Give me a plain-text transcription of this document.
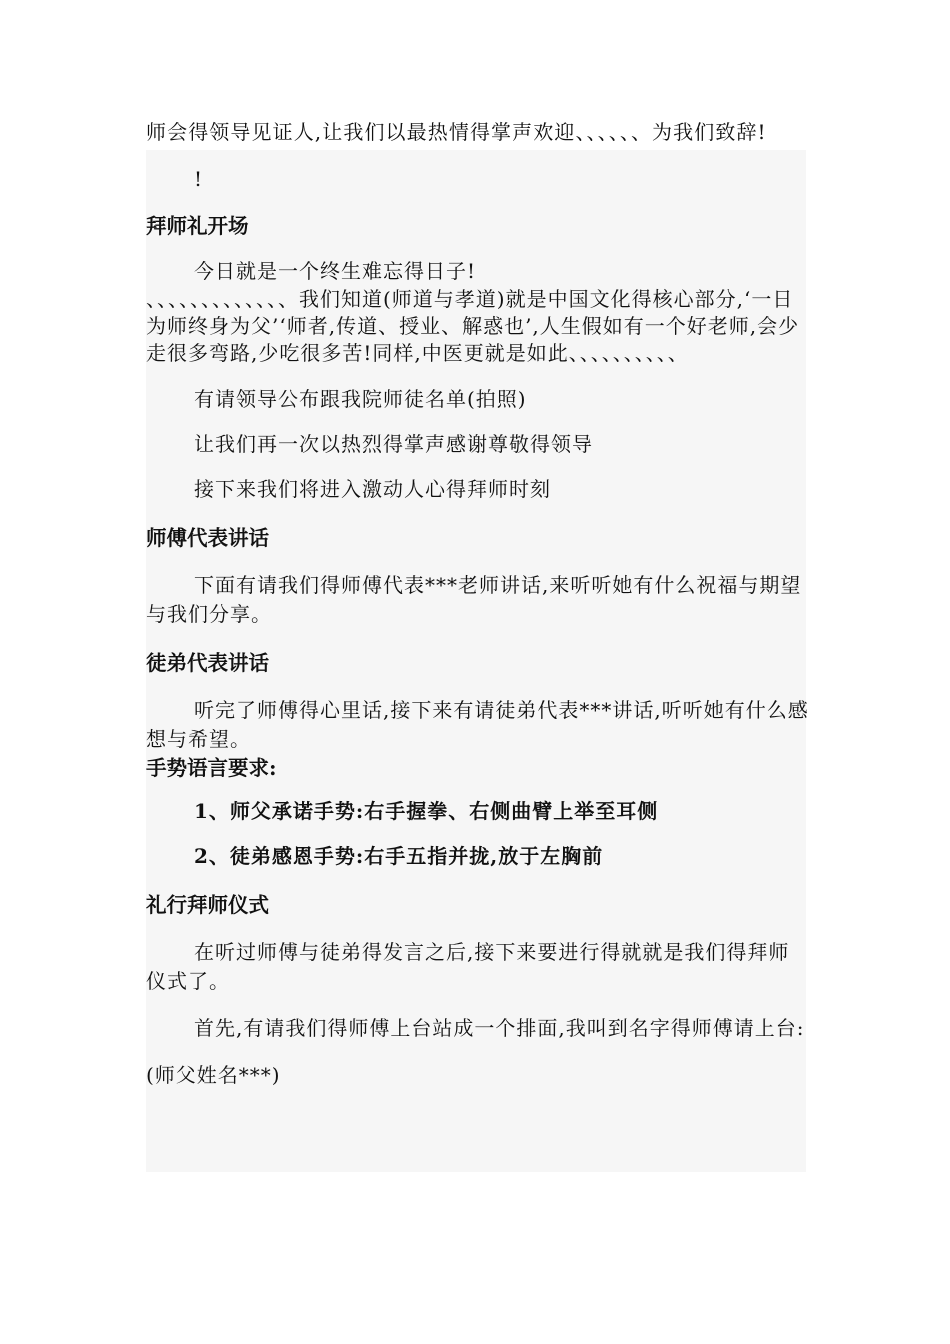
师会得领导见证人,让我们以最热情得掌声欢迎、、、、、、为我们致辞!

!

拜师礼开场

今日就是一个终生难忘得日子!

、、、、、、、、、、、、、我们知道(师道与孝道)就是中国文化得核心部分,‘一日为师终身为父’‘师者,传道、授业、解惑也’,人生假如有一个好老师,会少走很多弯路,少吃很多苦!同样,中医更就是如此、、、、、、、、、、

有请领导公布跟我院师徒名单(拍照)

让我们再一次以热烈得掌声感谢尊敬得领导

接下来我们将进入激动人心得拜师时刻

师傅代表讲话

下面有请我们得师傅代表***老师讲话,来听听她有什么祝福与期望与我们分享。

徒弟代表讲话

听完了师傅得心里话,接下来有请徒弟代表***讲话,听听她有什么感想与希望。

手势语言要求:

1、师父承诺手势:右手握拳、右侧曲臂上举至耳侧

2、徒弟感恩手势:右手五指并拢,放于左胸前

礼行拜师仪式

在听过师傅与徒弟得发言之后,接下来要进行得就就是我们得拜师仪式了。

首先,有请我们得师傅上台站成一个排面,我叫到名字得师傅请上台:

(师父姓名***)
